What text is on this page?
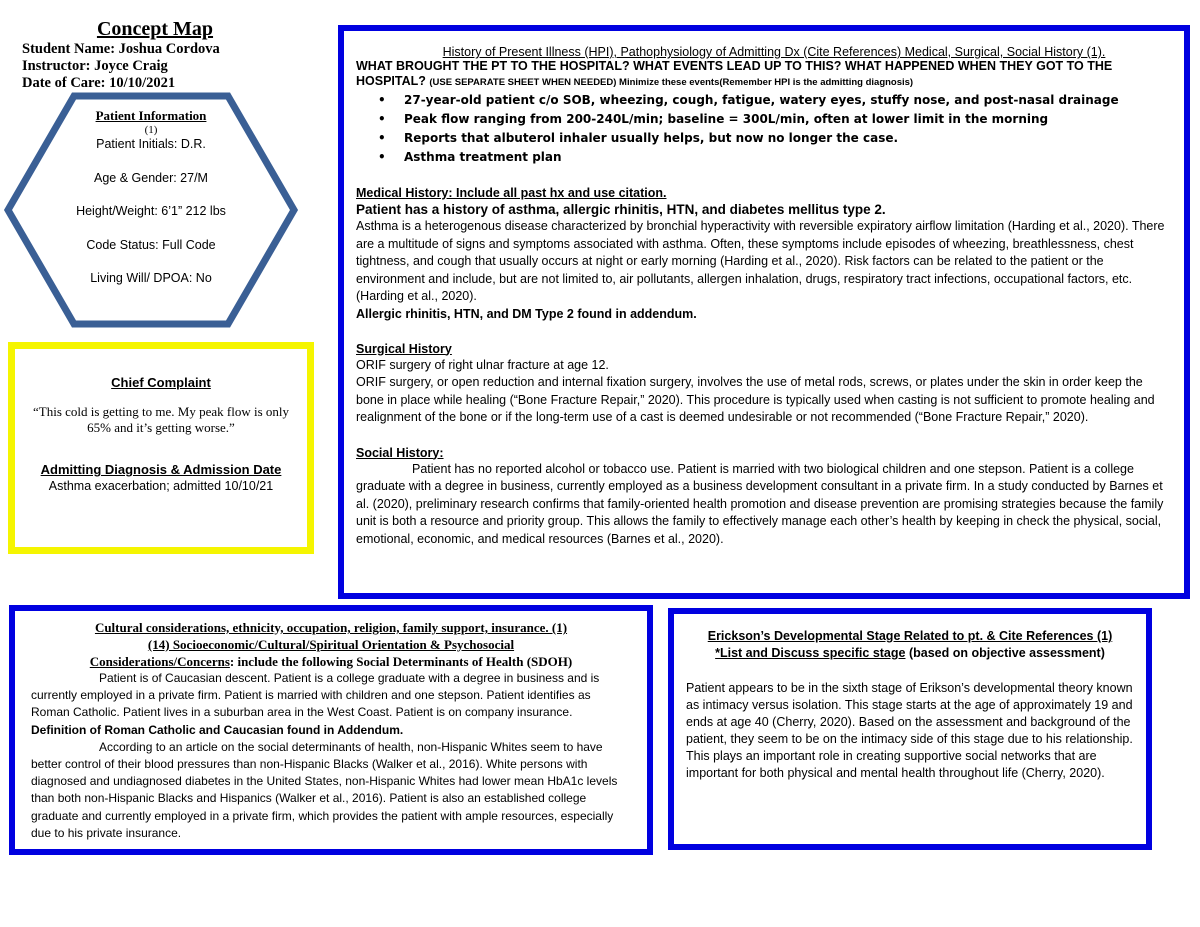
Concept Map
Student Name: Joshua Cordova
Instructor: Joyce Craig
Date of Care: 10/10/2021
Patient Information
(1)
Patient Initials: D.R.
Age & Gender: 27/M
Height/Weight: 6’1” 212 lbs
Code Status: Full Code
Living Will/ DPOA: No
Chief Complaint
“This cold is getting to me. My peak flow is only 65% and it’s getting worse.”
Admitting Diagnosis & Admission Date
Asthma exacerbation; admitted 10/10/21
History of Present Illness (HPI), Pathophysiology of Admitting Dx (Cite References) Medical, Surgical, Social History (1).
WHAT BROUGHT THE PT TO THE HOSPITAL? WHAT EVENTS LEAD UP TO THIS? WHAT HAPPENED WHEN THEY GOT TO THE HOSPITAL? (USE SEPARATE SHEET WHEN NEEDED) Minimize these events(Remember HPI is the admitting diagnosis)
• 27-year-old patient c/o SOB, wheezing, cough, fatigue, watery eyes, stuffy nose, and post-nasal drainage
• Peak flow ranging from 200-240L/min; baseline = 300L/min, often at lower limit in the morning
• Reports that albuterol inhaler usually helps, but now no longer the case.
• Asthma treatment plan
Medical History: Include all past hx and use citation.
Patient has a history of asthma, allergic rhinitis, HTN, and diabetes mellitus type 2.
Asthma is a heterogenous disease characterized by bronchial hyperactivity with reversible expiratory airflow limitation (Harding et al., 2020). There are a multitude of signs and symptoms associated with asthma. Often, these symptoms include episodes of wheezing, breathlessness, chest tightness, and cough that usually occurs at night or early morning (Harding et al., 2020). Risk factors can be related to the patient or the environment and include, but are not limited to, air pollutants, allergen inhalation, drugs, respiratory tract infections, occupational factors, etc. (Harding et al., 2020).
Allergic rhinitis, HTN, and DM Type 2 found in addendum.
Surgical History
ORIF surgery of right ulnar fracture at age 12.
ORIF surgery, or open reduction and internal fixation surgery, involves the use of metal rods, screws, or plates under the skin in order keep the bone in place while healing (“Bone Fracture Repair,” 2020). This procedure is typically used when casting is not sufficient to promote healing and realignment of the bone or if the long-term use of a cast is deemed undesirable or not recommended (“Bone Fracture Repair,” 2020).
Social History:
Patient has no reported alcohol or tobacco use. Patient is married with two biological children and one stepson. Patient is a college graduate with a degree in business, currently employed as a business development consultant in a private firm. In a study conducted by Barnes et al. (2020), preliminary research confirms that family-oriented health promotion and disease prevention are promising strategies because the family unit is both a resource and priority group. This allows the family to effectively manage each other’s health by keeping in check the physical, social, emotional, economic, and medical resources (Barnes et al., 2020).
Cultural considerations, ethnicity, occupation, religion, family support, insurance. (1)
(14) Socioeconomic/Cultural/Spiritual Orientation & Psychosocial
Considerations/Concerns: include the following Social Determinants of Health (SDOH)
Patient is of Caucasian descent. Patient is a college graduate with a degree in business and is currently employed in a private firm. Patient is married with children and one stepson. Patient identifies as Roman Catholic. Patient lives in a suburban area in the West Coast. Patient is on company insurance. Definition of Roman Catholic and Caucasian found in Addendum.
According to an article on the social determinants of health, non-Hispanic Whites seem to have better control of their blood pressures than non-Hispanic Blacks (Walker et al., 2016). White persons with diagnosed and undiagnosed diabetes in the United States, non-Hispanic Whites had lower mean HbA1c levels than both non-Hispanic Blacks and Hispanics (Walker et al., 2016). Patient is also an established college graduate and currently employed in a private firm, which provides the patient with ample resources, especially due to his private insurance.
Erickson’s Developmental Stage Related to pt. & Cite References (1)
*List and Discuss specific stage (based on objective assessment)
Patient appears to be in the sixth stage of Erikson’s developmental theory known as intimacy versus isolation. This stage starts at the age of approximately 19 and ends at age 40 (Cherry, 2020). Based on the assessment and background of the patient, they seem to be on the intimacy side of this stage due to his relationship. This plays an important role in creating supportive social networks that are important for both physical and mental health throughout life (Cherry, 2020).
